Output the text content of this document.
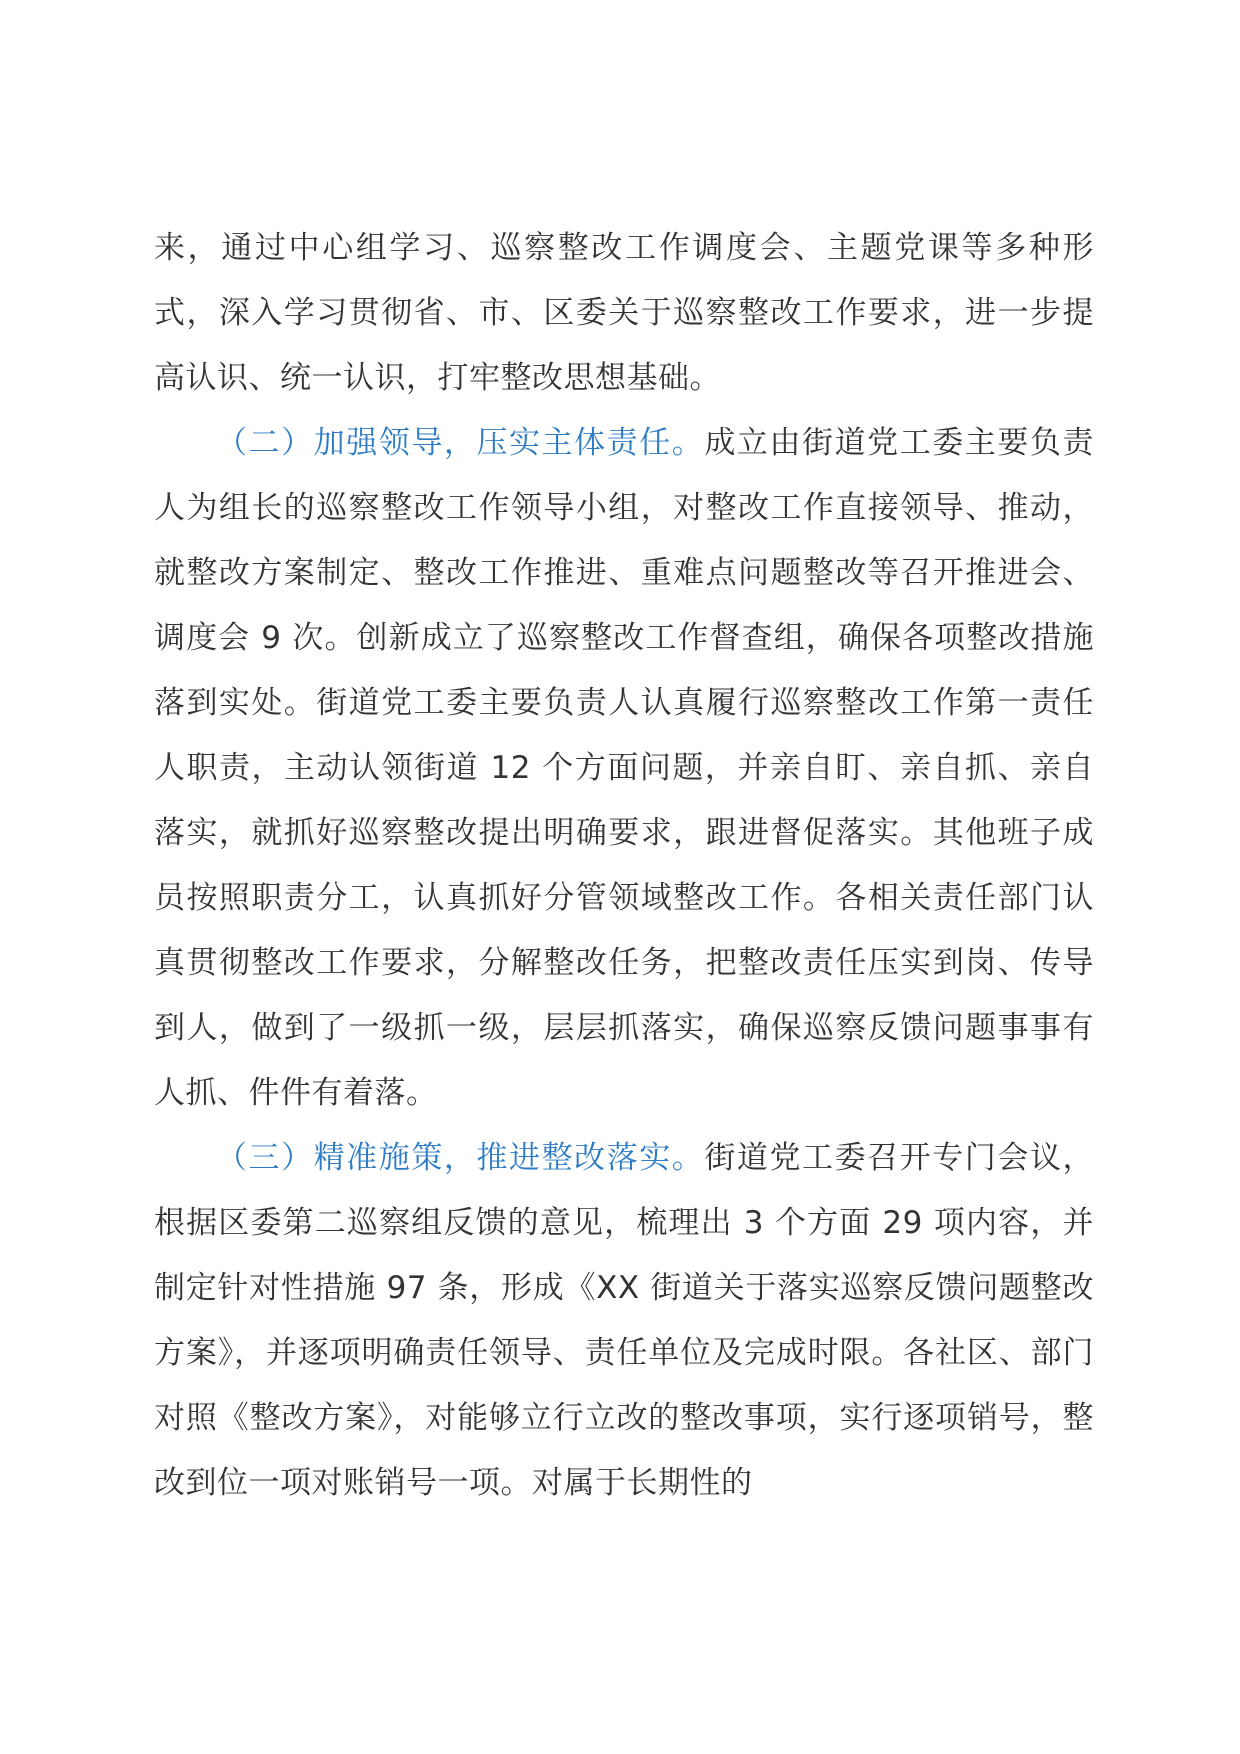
来，通过中心组学习、巡察整改工作调度会、主题党课等多种形式，深入学习贯彻省、市、区委关于巡察整改工作要求，进一步提高认识、统一认识，打牢整改思想基础。

（二）加强领导，压实主体责任。成立由街道党工委主要负责人为组长的巡察整改工作领导小组，对整改工作直接领导、推动，就整改方案制定、整改工作推进、重难点问题整改等召开推进会、调度会 9 次。创新成立了巡察整改工作督查组，确保各项整改措施落到实处。街道党工委主要负责人认真履行巡察整改工作第一责任人职责，主动认领街道 12 个方面问题，并亲自盯、亲自抓、亲自落实，就抓好巡察整改提出明确要求，跟进督促落实。其他班子成员按照职责分工，认真抓好分管领域整改工作。各相关责任部门认真贯彻整改工作要求，分解整改任务，把整改责任压实到岗、传导到人，做到了一级抓一级，层层抓落实，确保巡察反馈问题事事有人抓、件件有着落。

（三）精准施策，推进整改落实。街道党工委召开专门会议，根据区委第二巡察组反馈的意见，梳理出 3 个方面 29 项内容，并制定针对性措施 97 条，形成《XX 街道关于落实巡察反馈问题整改方案》，并逐项明确责任领导、责任单位及完成时限。各社区、部门对照《整改方案》，对能够立行立改的整改事项，实行逐项销号，整改到位一项对账销号一项。对属于长期性的
